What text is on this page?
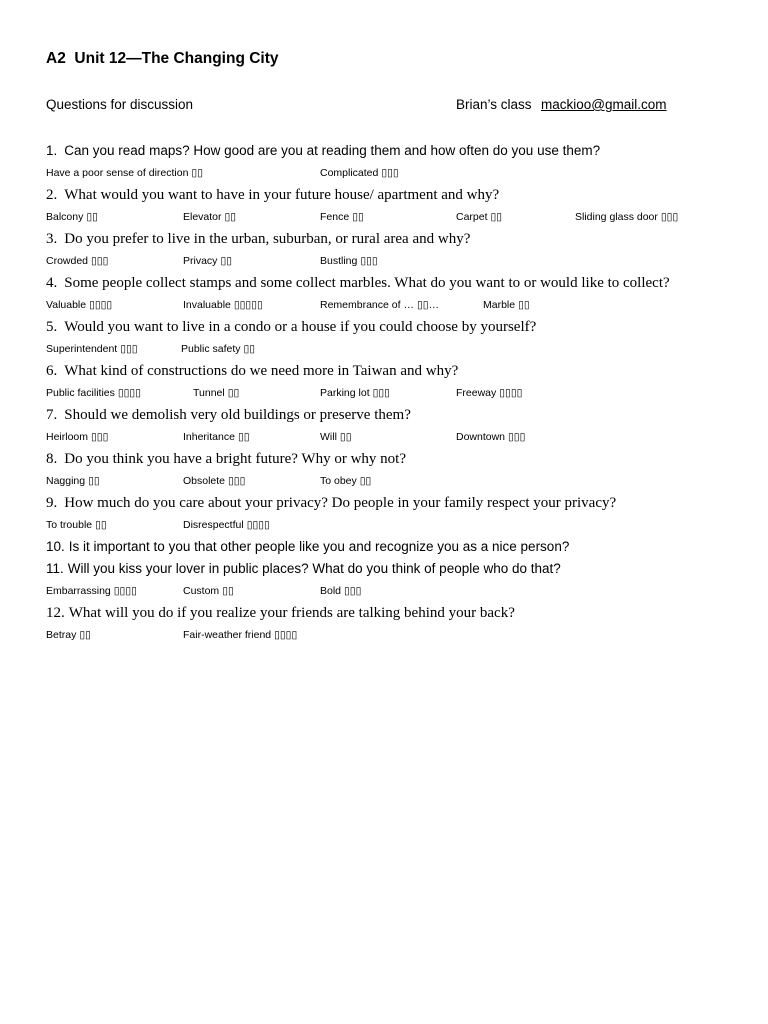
A2  Unit 12—The Changing City
Questions for discussion	Brian’s class mackioo@gmail.com
1. Can you read maps? How good are you at reading them and how often do you use them?
Have a poor sense of direction ▯▯	Complicated ▯▯▯
2. What would you want to have in your future house/ apartment and why?
Balcony ▯▯	Elevator ▯▯	Fence ▯▯	Carpet ▯▯	Sliding glass door ▯▯▯
3. Do you prefer to live in the urban, suburban, or rural area and why?
Crowded ▯▯▯	Privacy ▯▯	Bustling ▯▯▯
4. Some people collect stamps and some collect marbles. What do you want to or would like to collect?
Valuable ▯▯▯▯	Invaluable ▯▯▯▯▯	Remembrance of … ▯▯…	Marble ▯▯
5. Would you want to live in a condo or a house if you could choose by yourself?
Superintendent ▯▯▯	Public safety ▯▯
6. What kind of constructions do we need more in Taiwan and why?
Public facilities ▯▯▯▯	Tunnel ▯▯	Parking lot ▯▯▯	Freeway ▯▯▯▯
7. Should we demolish very old buildings or preserve them?
Heirloom ▯▯▯	Inheritance ▯▯	Will ▯▯	Downtown ▯▯▯
8. Do you think you have a bright future? Why or why not?
Nagging ▯▯	Obsolete ▯▯▯	To obey ▯▯
9. How much do you care about your privacy? Do people in your family respect your privacy?
To trouble ▯▯	Disrespectful ▯▯▯▯
10. Is it important to you that other people like you and recognize you as a nice person?
11. Will you kiss your lover in public places? What do you think of people who do that?
Embarrassing ▯▯▯▯	Custom ▯▯	Bold ▯▯▯
12. What will you do if you realize your friends are talking behind your back?
Betray ▯▯	Fair-weather friend ▯▯▯▯
